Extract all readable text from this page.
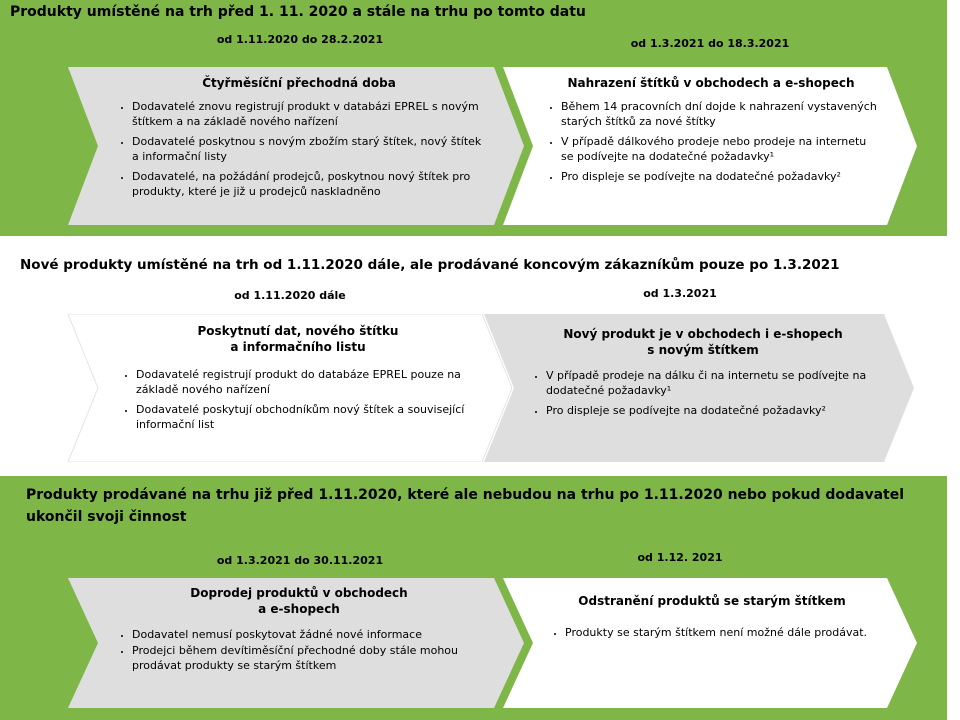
Produkty umístěné na trh před 1. 11. 2020 a stále na trhu po tomto datu
od 1.11.2020 do 28.2.2021	od 1.3.2021 do 18.3.2021
Čtyřměsíční přechodná doba
• Dodavatelé znovu registrují produkt v databázi EPREL s novým štítkem a na základě nového nařízení
• Dodavatelé poskytnou s novým zbožím starý štítek, nový štítek a informační listy
• Dodavatelé, na požádání prodejců, poskytnou nový štítek pro produkty, které je již u prodejců naskladněno
Nahrazení štítků v obchodech a e-shopech
• Během 14 pracovních dní dojde k nahrazení vystavených starých štítků za nové štítky
• V případě dálkového prodeje nebo prodeje na internetu se podívejte na dodatečné požadavky¹
• Pro displeje se podívejte na dodatečné požadavky²
Nové produkty umístěné na trh od 1.11.2020 dále, ale prodávané koncovým zákazníkům pouze po 1.3.2021
od 1.11.2020 dále	od 1.3.2021
Poskytnutí dat, nového štítku
a informačního listu
• Dodavatelé registrují produkt do databáze EPREL pouze na základě nového nařízení
• Dodavatelé poskytují obchodníkům nový štítek a související informační list
Nový produkt je v obchodech i e-shopech
s novým štítkem
• V případě prodeje na dálku či na internetu se podívejte na dodatečné požadavky¹
• Pro displeje se podívejte na dodatečné požadavky²
Produkty prodávané na trhu již před 1.11.2020, které ale nebudou na trhu po 1.11.2020 nebo pokud dodavatel ukončil svoji činnost
od 1.3.2021 do 30.11.2021	od 1.12. 2021
Doprodej produktů v obchodech
a e-shopech
• Dodavatel nemusí poskytovat žádné nové informace
• Prodejci během devítiměsíční přechodné doby stále mohou prodávat produkty se starým štítkem
Odstranění produktů se starým štítkem
• Produkty se starým štítkem není možné dále prodávat.
